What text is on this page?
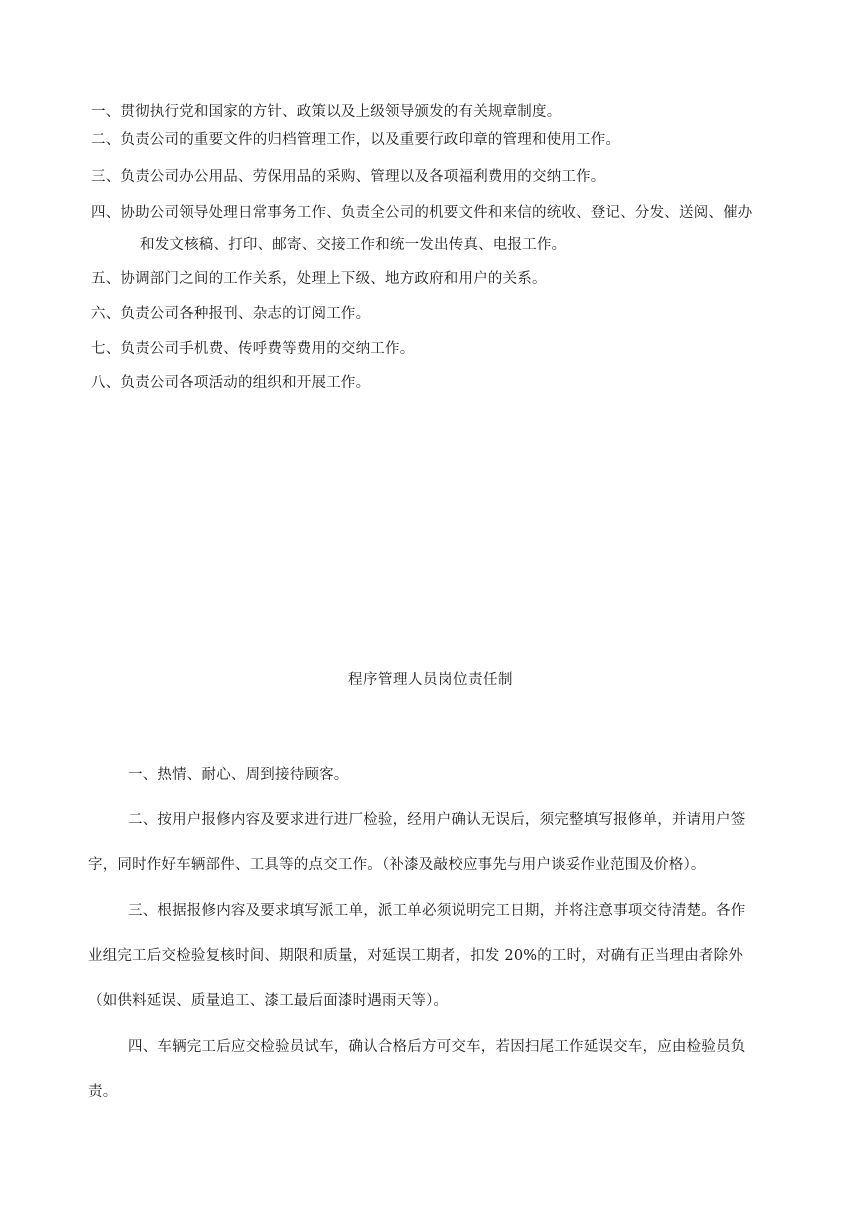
一、贯彻执行党和国家的方针、政策以及上级领导颁发的有关规章制度。
二、负责公司的重要文件的归档管理工作，以及重要行政印章的管理和使用工作。
三、负责公司办公用品、劳保用品的采购、管理以及各项福利费用的交纳工作。
四、协助公司领导处理日常事务工作、负责全公司的机要文件和来信的统收、登记、分发、送阅、催办
和发文核稿、打印、邮寄、交接工作和统一发出传真、电报工作。
五、协调部门之间的工作关系，处理上下级、地方政府和用户的关系。
六、负责公司各种报刊、杂志的订阅工作。
七、负责公司手机费、传呼费等费用的交纳工作。
八、负责公司各项活动的组织和开展工作。
程序管理人员岗位责任制
一、热情、耐心、周到接待顾客。
二、按用户报修内容及要求进行进厂检验，经用户确认无误后，须完整填写报修单，并请用户签
字，同时作好车辆部件、工具等的点交工作。（补漆及敲校应事先与用户谈妥作业范围及价格）。
三、根据报修内容及要求填写派工单，派工单必须说明完工日期，并将注意事项交待清楚。各作
业组完工后交检验复核时间、期限和质量，对延误工期者，扣发 20%的工时，对确有正当理由者除外
（如供料延误、质量追工、漆工最后面漆时遇雨天等）。
四、车辆完工后应交检验员试车，确认合格后方可交车，若因扫尾工作延误交车，应由检验员负
责。
